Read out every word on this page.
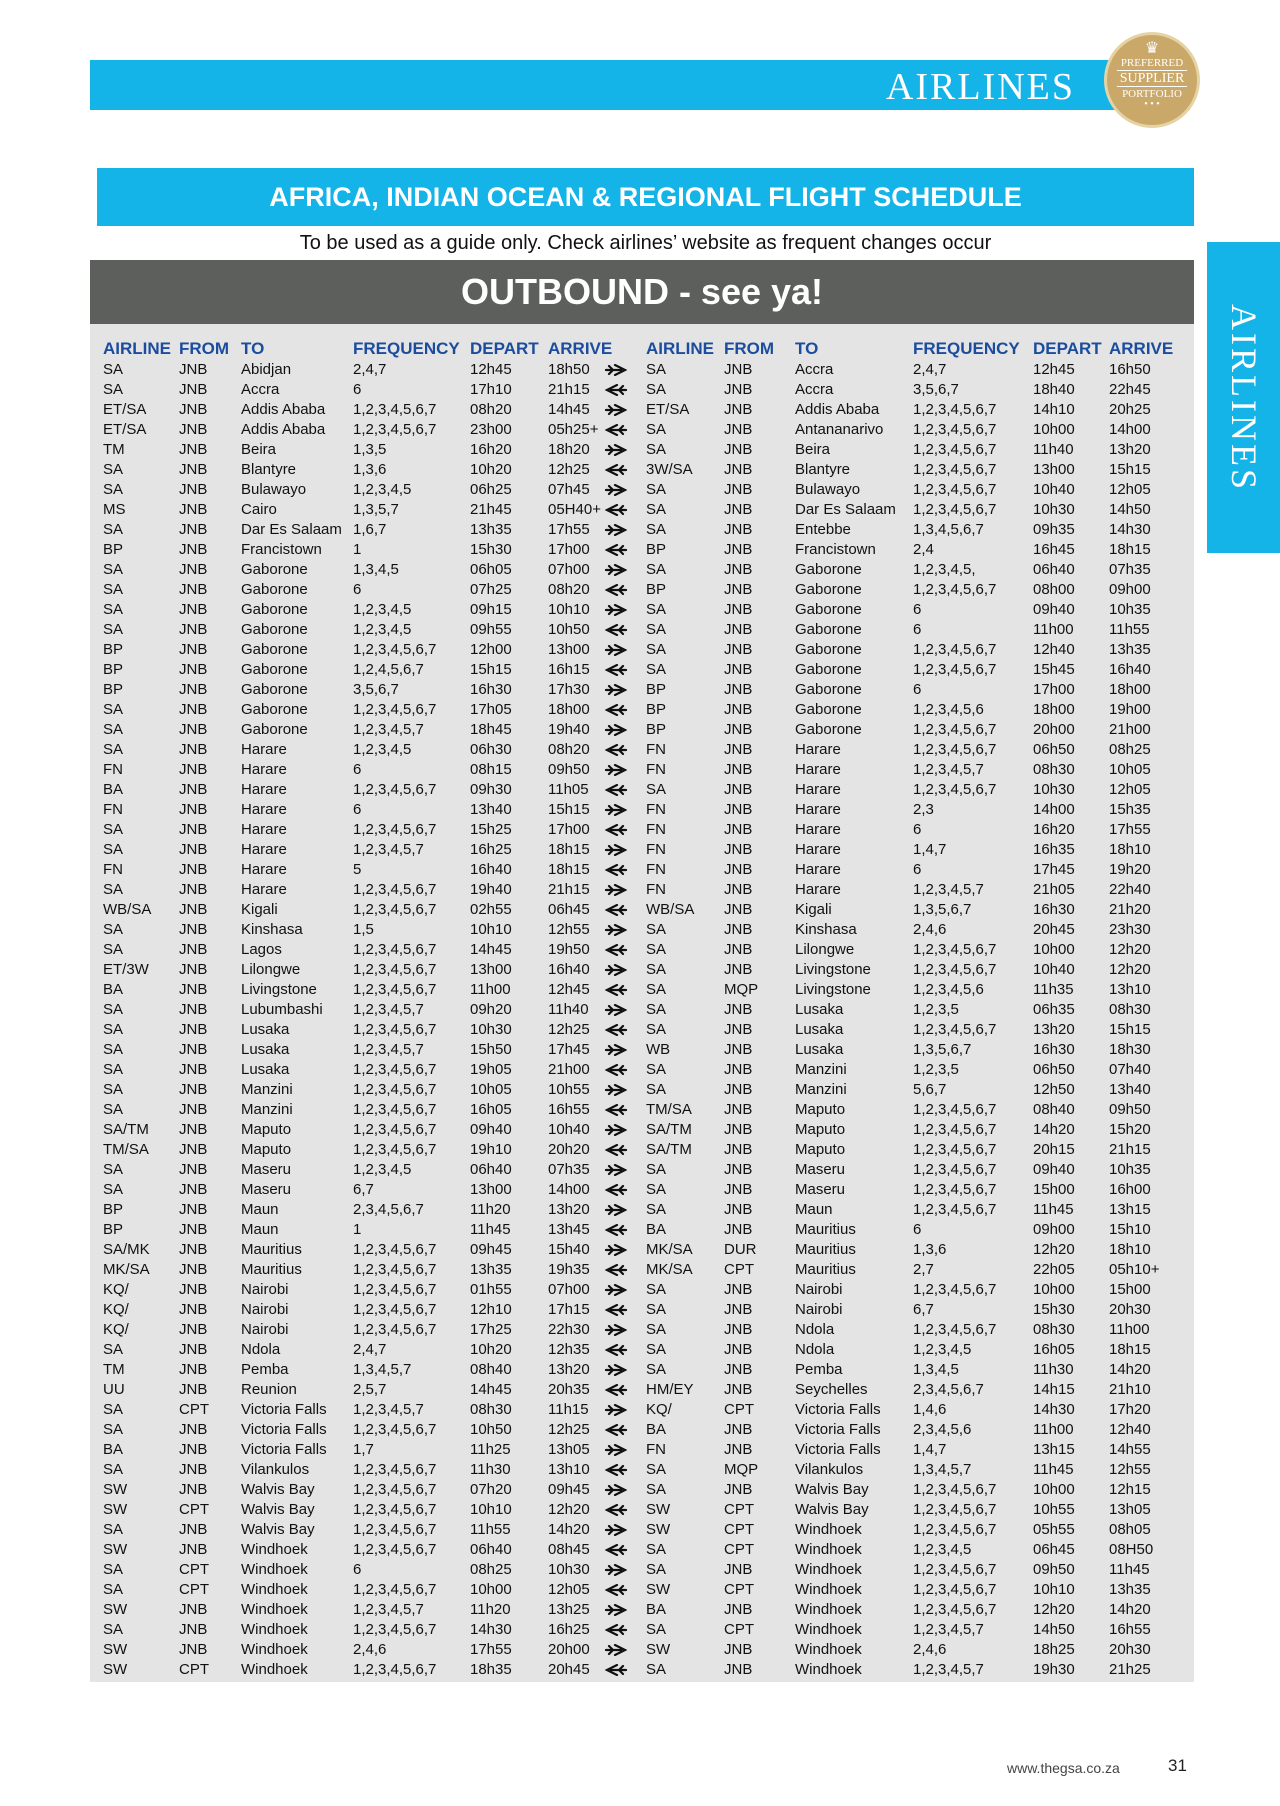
AIRLINES
♛
PREFERRED
SUPPLIER
PORTFOLIO
• • •
AIRLINES
AFRICA, INDIAN OCEAN & REGIONAL FLIGHT SCHEDULE
To be used as a guide only. Check airlines’ website as frequent changes occur
OUTBOUND - see ya!
AIRLINE FROM TO	FREQUENCY DEPART ARRIVE AIRLINE FROM TO	FREQUENCY DEPART ARRIVE
SA	JNB Abidjan	2,4,7	12h45 18h50	SA	JNB	Accra	2,4,7	12h45 16h50
SA	JNB Accra	6	17h10 21h15	SA	JNB	Accra	3,5,6,7	18h40 22h45
ET/SA JNB Addis Ababa 1,2,3,4,5,6,7 08h20 14h45	ET/SA JNB	Addis Ababa 1,2,3,4,5,6,7 14h10 20h25
ET/SA JNB Addis Ababa 1,2,3,4,5,6,7 23h00 05h25+	SA	JNB	Antananarivo 1,2,3,4,5,6,7 10h00 14h00
TM	JNB Beira	1,3,5	16h20 18h20	SA	JNB	Beira	1,2,3,4,5,6,7 11h40 13h20
SA	JNB Blantyre	1,3,6	10h20 12h25	3W/SA JNB	Blantyre	1,2,3,4,5,6,7 13h00 15h15
SA	JNB Bulawayo	1,2,3,4,5	06h25 07h45	SA	JNB	Bulawayo	1,2,3,4,5,6,7 10h40 12h05
MS	JNB Cairo	1,3,5,7	21h45 05H40+	SA	JNB	Dar Es Salaam 1,2,3,4,5,6,7 10h30 14h50
SA	JNB Dar Es Salaam 1,6,7	13h35 17h55	SA	JNB	Entebbe	1,3,4,5,6,7	09h35 14h30
BP	JNB Francistown 1	15h30 17h00	BP	JNB	Francistown 2,4	16h45 18h15
SA	JNB Gaborone	1,3,4,5	06h05 07h00	SA	JNB	Gaborone	1,2,3,4,5,	06h40 07h35
SA	JNB Gaborone	6	07h25 08h20	BP	JNB	Gaborone	1,2,3,4,5,6,7 08h00 09h00
SA	JNB Gaborone	1,2,3,4,5	09h15 10h10	SA	JNB	Gaborone	6	09h40 10h35
SA	JNB Gaborone	1,2,3,4,5	09h55 10h50	SA	JNB	Gaborone	6	11h00 11h55
BP	JNB Gaborone	1,2,3,4,5,6,7 12h00 13h00	SA	JNB	Gaborone	1,2,3,4,5,6,7 12h40 13h35
BP	JNB Gaborone	1,2,4,5,6,7	15h15 16h15	SA	JNB	Gaborone	1,2,3,4,5,6,7 15h45 16h40
BP	JNB Gaborone	3,5,6,7	16h30 17h30	BP	JNB	Gaborone	6	17h00 18h00
SA	JNB Gaborone	1,2,3,4,5,6,7 17h05 18h00	BP	JNB	Gaborone	1,2,3,4,5,6	18h00 19h00
SA	JNB Gaborone	1,2,3,4,5,7	18h45 19h40	BP	JNB	Gaborone	1,2,3,4,5,6,7 20h00 21h00
SA	JNB Harare	1,2,3,4,5	06h30 08h20	FN	JNB	Harare	1,2,3,4,5,6,7 06h50 08h25
FN	JNB Harare	6	08h15 09h50	FN	JNB	Harare	1,2,3,4,5,7	08h30 10h05
BA	JNB Harare	1,2,3,4,5,6,7 09h30 11h05	SA	JNB	Harare	1,2,3,4,5,6,7 10h30 12h05
FN	JNB Harare	6	13h40 15h15	FN	JNB	Harare	2,3	14h00 15h35
SA	JNB Harare	1,2,3,4,5,6,7 15h25 17h00	FN	JNB	Harare	6	16h20 17h55
SA	JNB Harare	1,2,3,4,5,7	16h25 18h15	FN	JNB	Harare	1,4,7	16h35 18h10
FN	JNB Harare	5	16h40 18h15	FN	JNB	Harare	6	17h45 19h20
SA	JNB Harare	1,2,3,4,5,6,7 19h40 21h15	FN	JNB	Harare	1,2,3,4,5,7	21h05 22h40
WB/SA JNB Kigali	1,2,3,4,5,6,7 02h55 06h45	WB/SA JNB	Kigali	1,3,5,6,7	16h30 21h20
SA	JNB Kinshasa	1,5	10h10 12h55	SA	JNB	Kinshasa	2,4,6	20h45 23h30
SA	JNB Lagos	1,2,3,4,5,6,7 14h45 19h50	SA	JNB	Lilongwe	1,2,3,4,5,6,7 10h00 12h20
ET/3W JNB Lilongwe	1,2,3,4,5,6,7 13h00 16h40	SA	JNB	Livingstone	1,2,3,4,5,6,7 10h40 12h20
BA	JNB Livingstone 1,2,3,4,5,6,7 11h00 12h45	SA	MQP Livingstone	1,2,3,4,5,6	11h35 13h10
SA	JNB Lubumbashi 1,2,3,4,5,7	09h20 11h40	SA	JNB	Lusaka	1,2,3,5	06h35 08h30
SA	JNB Lusaka	1,2,3,4,5,6,7 10h30 12h25	SA	JNB	Lusaka	1,2,3,4,5,6,7 13h20 15h15
SA	JNB Lusaka	1,2,3,4,5,7	15h50 17h45	WB	JNB	Lusaka	1,3,5,6,7	16h30 18h30
SA	JNB Lusaka	1,2,3,4,5,6,7 19h05 21h00	SA	JNB	Manzini	1,2,3,5	06h50 07h40
SA	JNB Manzini	1,2,3,4,5,6,7 10h05 10h55	SA	JNB	Manzini	5,6,7	12h50 13h40
SA	JNB Manzini	1,2,3,4,5,6,7 16h05 16h55	TM/SA JNB	Maputo	1,2,3,4,5,6,7 08h40 09h50
SA/TM JNB Maputo	1,2,3,4,5,6,7 09h40 10h40	SA/TM JNB	Maputo	1,2,3,4,5,6,7 14h20 15h20
TM/SA JNB Maputo	1,2,3,4,5,6,7 19h10 20h20	SA/TM JNB	Maputo	1,2,3,4,5,6,7 20h15 21h15
SA	JNB Maseru	1,2,3,4,5	06h40 07h35	SA	JNB	Maseru	1,2,3,4,5,6,7 09h40 10h35
SA	JNB Maseru	6,7	13h00 14h00	SA	JNB	Maseru	1,2,3,4,5,6,7 15h00 16h00
BP	JNB Maun	2,3,4,5,6,7	11h20 13h20	SA	JNB	Maun	1,2,3,4,5,6,7 11h45 13h15
BP	JNB Maun	1	11h45 13h45	BA	JNB	Mauritius	6	09h00 15h10
SA/MK JNB Mauritius	1,2,3,4,5,6,7 09h45 15h40	MK/SA DUR	Mauritius	1,3,6	12h20 18h10
MK/SA JNB Mauritius	1,2,3,4,5,6,7 13h35 19h35	MK/SA CPT	Mauritius	2,7	22h05 05h10+
KQ/	JNB Nairobi	1,2,3,4,5,6,7 01h55 07h00	SA	JNB	Nairobi	1,2,3,4,5,6,7 10h00 15h00
KQ/	JNB Nairobi	1,2,3,4,5,6,7 12h10 17h15	SA	JNB	Nairobi	6,7	15h30 20h30
KQ/	JNB Nairobi	1,2,3,4,5,6,7 17h25 22h30	SA	JNB	Ndola	1,2,3,4,5,6,7 08h30 11h00
SA	JNB Ndola	2,4,7	10h20 12h35	SA	JNB	Ndola	1,2,3,4,5	16h05 18h15
TM	JNB Pemba	1,3,4,5,7	08h40 13h20	SA	JNB	Pemba	1,3,4,5	11h30 14h20
UU	JNB Reunion	2,5,7	14h45 20h35	HM/EY JNB	Seychelles	2,3,4,5,6,7	14h15 21h10
SA	CPT Victoria Falls 1,2,3,4,5,7	08h30 11h15	KQ/	CPT	Victoria Falls 1,4,6	14h30 17h20
SA	JNB Victoria Falls 1,2,3,4,5,6,7 10h50 12h25	BA	JNB	Victoria Falls 2,3,4,5,6	11h00 12h40
BA	JNB Victoria Falls 1,7	11h25 13h05	FN	JNB	Victoria Falls 1,4,7	13h15 14h55
SA	JNB Vilankulos	1,2,3,4,5,6,7 11h30 13h10	SA	MQP Vilankulos	1,3,4,5,7	11h45 12h55
SW	JNB Walvis Bay	1,2,3,4,5,6,7 07h20 09h45	SA	JNB	Walvis Bay	1,2,3,4,5,6,7 10h00 12h15
SW	CPT Walvis Bay	1,2,3,4,5,6,7 10h10 12h20	SW	CPT	Walvis Bay	1,2,3,4,5,6,7 10h55 13h05
SA	JNB Walvis Bay	1,2,3,4,5,6,7 11h55 14h20	SW	CPT	Windhoek	1,2,3,4,5,6,7 05h55 08h05
SW	JNB Windhoek	1,2,3,4,5,6,7 06h40 08h45	SA	CPT	Windhoek	1,2,3,4,5	06h45 08H50
SA	CPT Windhoek	6	08h25 10h30	SA	JNB	Windhoek	1,2,3,4,5,6,7 09h50 11h45
SA	CPT Windhoek	1,2,3,4,5,6,7 10h00 12h05	SW	CPT	Windhoek	1,2,3,4,5,6,7 10h10 13h35
SW	JNB Windhoek	1,2,3,4,5,7	11h20 13h25	BA	JNB	Windhoek	1,2,3,4,5,6,7 12h20 14h20
SA	JNB Windhoek	1,2,3,4,5,6,7 14h30 16h25	SA	CPT	Windhoek	1,2,3,4,5,7	14h50 16h55
SW	JNB Windhoek	2,4,6	17h55 20h00	SW	JNB	Windhoek	2,4,6	18h25 20h30
SW	CPT Windhoek	1,2,3,4,5,6,7 18h35 20h45	SA	JNB	Windhoek	1,2,3,4,5,7	19h30 21h25
www.thegsa.co.za	31
